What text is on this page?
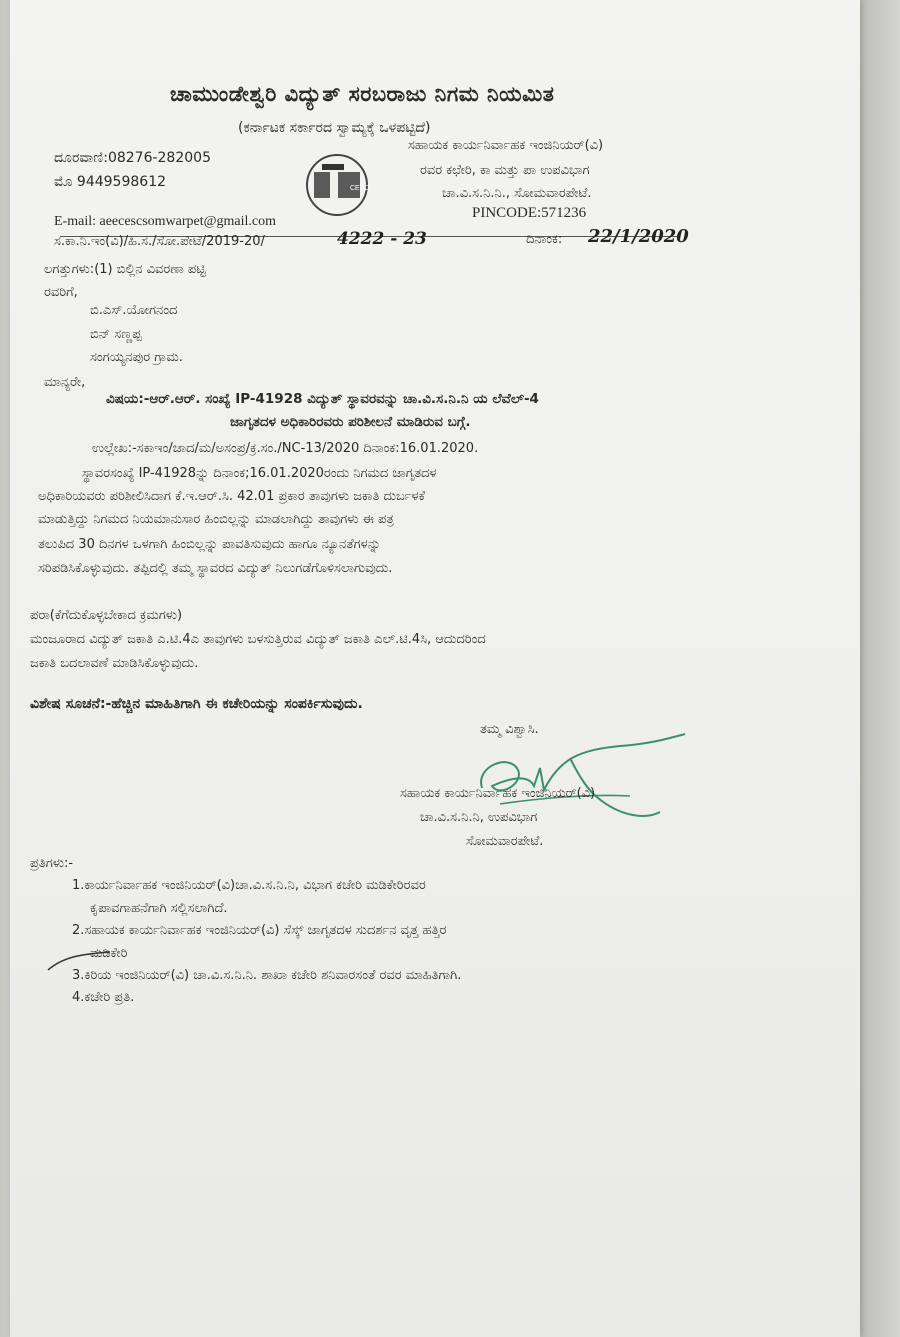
ಚಾಮುಂಡೇಶ್ವರಿ ವಿದ್ಯುತ್ ಸರಬರಾಜು ನಿಗಮ ನಿಯಮಿತ
(ಕರ್ನಾಟಕ ಸರ್ಕಾರದ ಸ್ವಾಮ್ಯಕ್ಕೆ ಒಳಪಟ್ಟಿದೆ)
ದೂರವಾಣಿ:08276-282005
ಮೊ 9449598612	CESC
ಸಹಾಯಕ ಕಾರ್ಯನಿರ್ವಾಹಕ ಇಂಜಿನಿಯರ್(ವಿ)
ರವರ ಕಛೇರಿ, ಕಾ ಮತ್ತು ಪಾ ಉಪವಿಭಾಗ
ಚಾ.ವಿ.ಸ.ನಿ.ನಿ., ಸೋಮವಾರಪೇಟೆ.
PINCODE:571236
E-mail: aeecescsomwarpet@gmail.com
ಸ.ಕಾ.ನಿ.ಇಂ(ವಿ)/ಹಿ.ಸ./ಸೋ.ಪೇಟೆ/2019-20/	4222 - 23	ದಿನಾಂಕ: 22/1/2020
ಲಗತ್ತುಗಳು:(1) ಬಿಲ್ಲಿನ ವಿವರಣಾ ಪಟ್ಟಿ
ರವರಿಗೆ,
ಬಿ.ಎಸ್.ಯೋಗನಂದ
ಬಿನ್ ಸಣ್ಣಪ್ಪ
ಸಂಗಯ್ಯನಪುರ ಗ್ರಾಮ.
ಮಾನ್ಯರೇ,
ವಿಷಯ:-ಆರ್.ಆರ್. ಸಂಖ್ಯೆ IP-41928 ವಿದ್ಯುತ್ ಸ್ಥಾವರವನ್ನು ಚಾ.ವಿ.ಸ.ನಿ.ನಿ ಯ ಲೆವೆಲ್-4
ಜಾಗೃತದಳ ಅಧಿಕಾರಿರವರು ಪರಿಶೀಲನೆ ಮಾಡಿರುವ ಬಗ್ಗೆ.
ಉಲ್ಲೇಖ:-ಸಕಾಇಂ/ಜಾದ/ಮ/ಅಸಂಪ್ರ/ಕ್ರ.ಸಂ./NC-13/2020 ದಿನಾಂಕ:16.01.2020.
ಸ್ಥಾವರಸಂಖ್ಯೆ IP-41928ನ್ನು ದಿನಾಂಕ;16.01.2020ರಂದು ನಿಗಮದ ಜಾಗೃತದಳ
ಅಧಿಕಾರಿಯವರು ಪರಿಶೀಲಿಸಿದಾಗ ಕೆ.ಇ.ಆರ್.ಸಿ. 42.01 ಪ್ರಕಾರ ತಾವುಗಳು ಜಕಾತಿ ದುರ್ಬಳಕೆ
ಮಾಡುತ್ತಿದ್ದು ನಿಗಮದ ನಿಯಮಾನುಸಾರ ಹಿಂಬಿಲ್ಲನ್ನು ಮಾಡಲಾಗಿದ್ದು ತಾವುಗಳು ಈ ಪತ್ರ
ತಲುಪಿದ 30 ದಿನಗಳ ಒಳಗಾಗಿ ಹಿಂಬಿಲ್ಲನ್ನು ಪಾವತಿಸುವುದು ಹಾಗೂ ನ್ಯೂನತೆಗಳನ್ನು
ಸರಿಪಡಿಸಿಕೊಳ್ಳುವುದು. ತಪ್ಪಿದಲ್ಲಿ ತಮ್ಮ ಸ್ಥಾವರದ ವಿದ್ಯುತ್ ನಿಲುಗಡೆಗೊಳಿಸಲಾಗುವುದು.
ಪರಾ(ಕೆಗೆದುಕೊಳ್ಳಬೇಕಾದ ಕ್ರಮಗಳು)
ಮಂಜೂರಾದ ವಿದ್ಯುತ್ ಜಕಾತಿ ಎ.ಟಿ.4ಎ ತಾವುಗಳು ಬಳಸುತ್ತಿರುವ ವಿದ್ಯುತ್ ಜಕಾತಿ ಎಲ್.ಟಿ.4ಸಿ, ಆದುದರಿಂದ
ಜಕಾತಿ ಬದಲಾವಣೆ ಮಾಡಿಸಿಕೊಳ್ಳುವುದು.
ವಿಶೇಷ ಸೂಚನೆ:-ಹೆಚ್ಚಿನ ಮಾಹಿತಿಗಾಗಿ ಈ ಕಚೇರಿಯನ್ನು ಸಂಪರ್ಕಿಸುವುದು.
ತಮ್ಮ ವಿಶ್ವಾಸಿ.
ಸಹಾಯಕ ಕಾರ್ಯನಿರ್ವಾಹಕ ಇಂಜಿನಿಯರ್(ವಿ)
ಚಾ.ವಿ.ಸ.ನಿ.ನಿ, ಉಪವಿಭಾಗ
ಸೋಮವಾರಪೇಟೆ.
ಪ್ರತಿಗಳು:-
1.ಕಾರ್ಯನಿರ್ವಾಹಕ ಇಂಜಿನಿಯರ್(ವಿ)ಚಾ.ವಿ.ಸ.ನಿ.ನಿ, ವಿಭಾಗ ಕಚೇರಿ ಮಡಿಕೇರಿರವರ
ಕೃಪಾವಗಾಹನೆಗಾಗಿ ಸಲ್ಲಿಸಲಾಗಿದೆ.
2.ಸಹಾಯಕ ಕಾರ್ಯನಿರ್ವಾಹಕ ಇಂಜಿನಿಯರ್(ವಿ) ಸೆಸ್ಕ್ ಜಾಗೃತದಳ ಸುದರ್ಶನ ವೃತ್ತ ಹತ್ತಿರ
ಮಡಿಕೇರಿ
3.ಕಿರಿಯ ಇಂಜಿನಿಯರ್(ವಿ) ಚಾ.ವಿ.ಸ.ನಿ.ನಿ. ಶಾಖಾ ಕಚೇರಿ ಶನಿವಾರಸಂತೆ ರವರ ಮಾಹಿತಿಗಾಗಿ.
4.ಕಚೇರಿ ಪ್ರತಿ.
